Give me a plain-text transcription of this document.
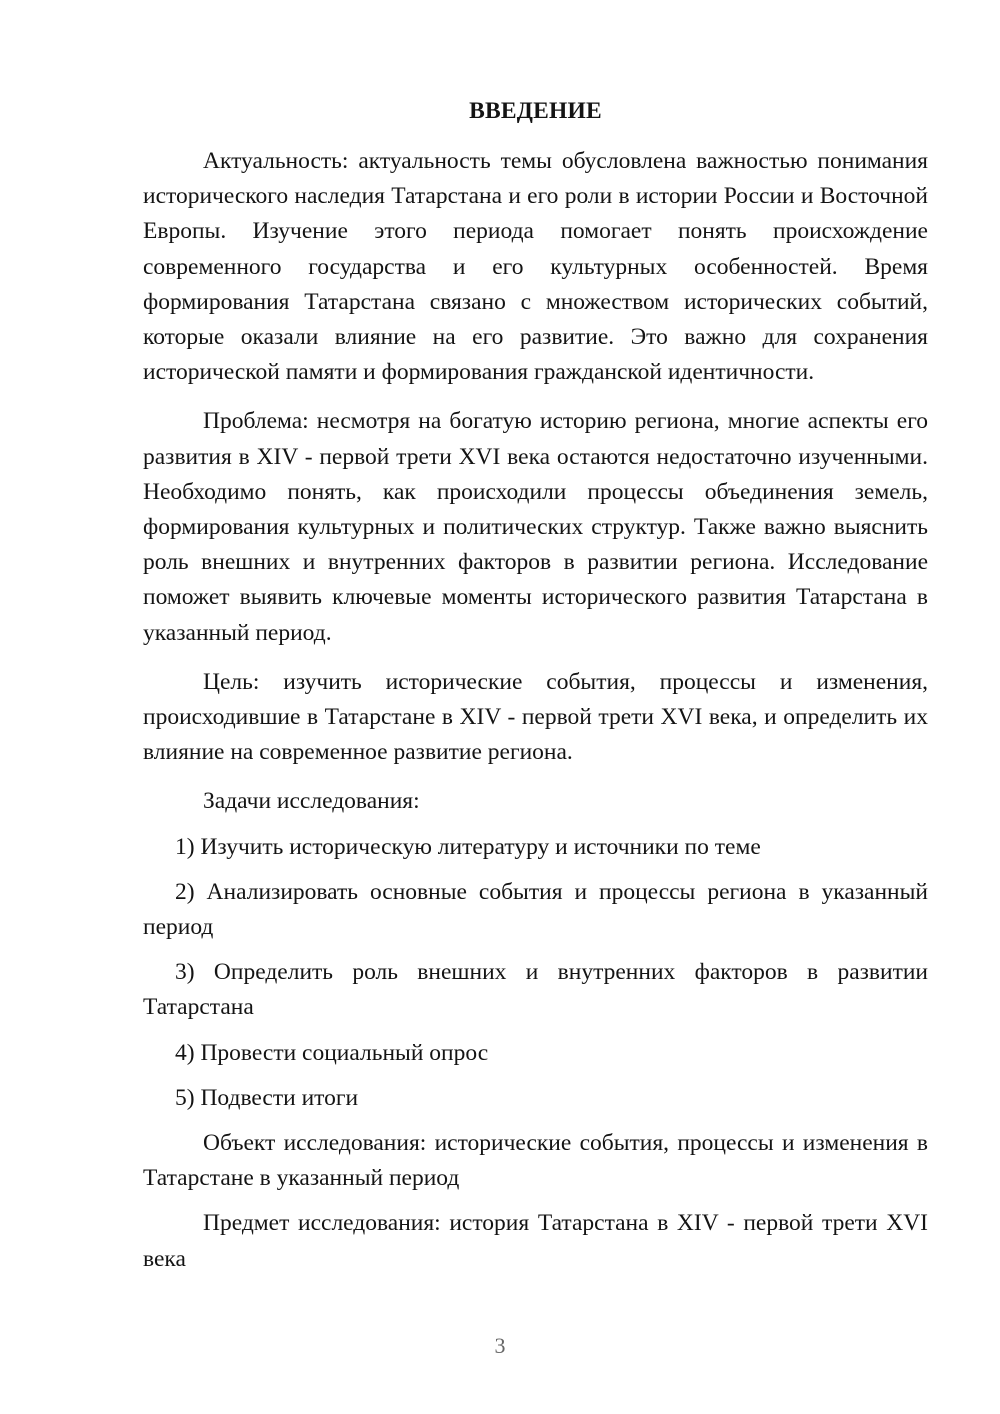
ВВЕДЕНИЕ

Актуальность: актуальность темы обусловлена важностью понимания исторического наследия Татарстана и его роли в истории России и Восточной Европы. Изучение этого периода помогает понять происхождение современного государства и его культурных особенностей. Время формирования Татарстана связано с множеством исторических событий, которые оказали влияние на его развитие. Это важно для сохранения исторической памяти и формирования гражданской идентичности.

Проблема: несмотря на богатую историю региона, многие аспекты его развития в XIV - первой трети XVI века остаются недостаточно изученными. Необходимо понять, как происходили процессы объединения земель, формирования культурных и политических структур. Также важно выяснить роль внешних и внутренних факторов в развитии региона. Исследование поможет выявить ключевые моменты исторического развития Татарстана в указанный период.

Цель: изучить исторические события, процессы и изменения, происходившие в Татарстане в XIV - первой трети XVI века, и определить их влияние на современное развитие региона.

Задачи исследования:

1) Изучить историческую литературу и источники по теме

2) Анализировать основные события и процессы региона в указанный период

3) Определить роль внешних и внутренних факторов в развитии Татарстана

4) Провести социальный опрос

5) Подвести итоги

Объект исследования: исторические события, процессы и изменения в Татарстане в указанный период

Предмет исследования: история Татарстана в XIV - первой трети XVI века

3
